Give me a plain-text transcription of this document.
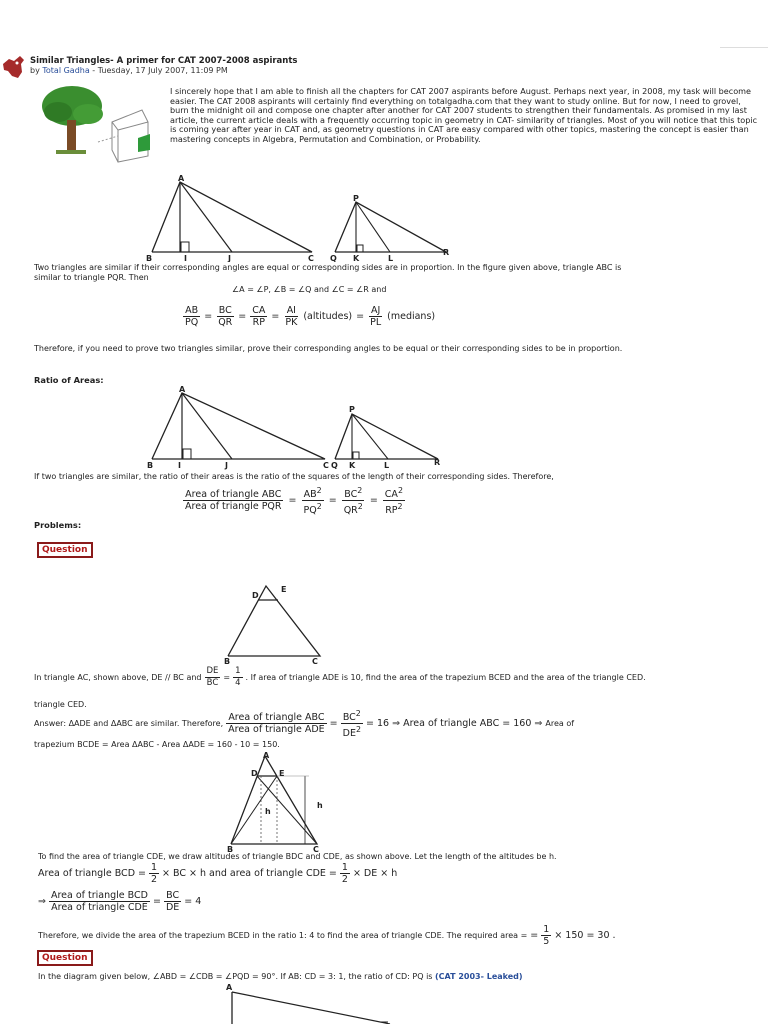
Similar Triangles- A primer for CAT 2007-2008 aspirants
by Total Gadha - Tuesday, 17 July 2007, 11:09 PM
I sincerely hope that I am able to finish all the chapters for CAT 2007 aspirants before August. Perhaps next year, in 2008, my task will become easier. The CAT 2008 aspirants will certainly find everything on totalgadha.com that they want to study online. But for now, I need to grovel, burn the midnight oil and compose one chapter after another for CAT 2007 students to strengthen their fundamentals. As promised in my last article, the current article deals with a frequently occurring topic in geometry in CAT- similarity of triangles. Most of you will notice that this topic is coming year after year in CAT and, as geometry questions in CAT are easy compared with other topics, mastering the concept is easier than mastering concepts in Algebra, Permutation and Combination, or Probability.
A
B	I	J	C
P
Q K	L
R
Two triangles are similar if their corresponding angles are equal or corresponding sides are in proportion. In the figure given above, triangle ABC is similar to triangle PQR. Then
∠A = ∠P, ∠B = ∠Q and ∠C = ∠R and
$\frac{AB}{PQ} = \frac{BC}{QR} = \frac{CA}{RP} = \frac{AI}{PK}$ (altitudes) = $\frac{AJ}{PL}$ (medians)
Therefore, if you need to prove two triangles similar, prove their corresponding angles to be equal or their corresponding sides to be in proportion.
Ratio of Areas:
A
B	I	J	C
P
Q K	L	R
If two triangles are similar, the ratio of their areas is the ratio of the squares of the length of their corresponding sides. Therefore,
$\frac{\text{Area of triangle ABC}}{\text{Area of triangle PQR}} = \frac{AB^2}{PQ^2} = \frac{BC^2}{QR^2} = \frac{CA^2}{RP^2}$
Problems:
Question
D
E
B	C
In triangle AC, shown above, DE // BC and $\frac{DE}{BC} = \frac{1}{4}$ . If area of triangle ADE is 10, find the area of the trapezium BCED and the area of the triangle CED.
triangle CED.
Answer: ΔADE and ΔABC are similar. Therefore, $\frac{\text{Area of triangle ABC}}{\text{Area of triangle ADE}} = \frac{BC^2}{DE^2} = 16$ ⇒ Area of triangle ABC = 160 ⇒ Area of
trapezium BCDE = Area ΔABC - Area ΔADE = 160 - 10 = 150.
A
D	E
h
h
B	C
To find the area of triangle CDE, we draw altitudes of triangle BDC and CDE, as shown above. Let the length of the altitudes be h.
Area of triangle BCD = $\frac{1}{2}$ × BC × h and area of triangle CDE = $\frac{1}{2}$ × DE × h
⇒ $\frac{\text{Area of triangle BCD}}{\text{Area of triangle CDE}} = \frac{BC}{DE} = 4$
Therefore, we divide the area of the trapezium BCED in the ratio 1: 4 to find the area of triangle CDE. The required area = = $\frac{1}{5} \times 150 = 30$ .
Question
In the diagram given below, ∠ABD = ∠CDB = ∠PQD = 90°. If AB: CD = 3: 1, the ratio of CD: PQ is (CAT 2003- Leaked)
A
